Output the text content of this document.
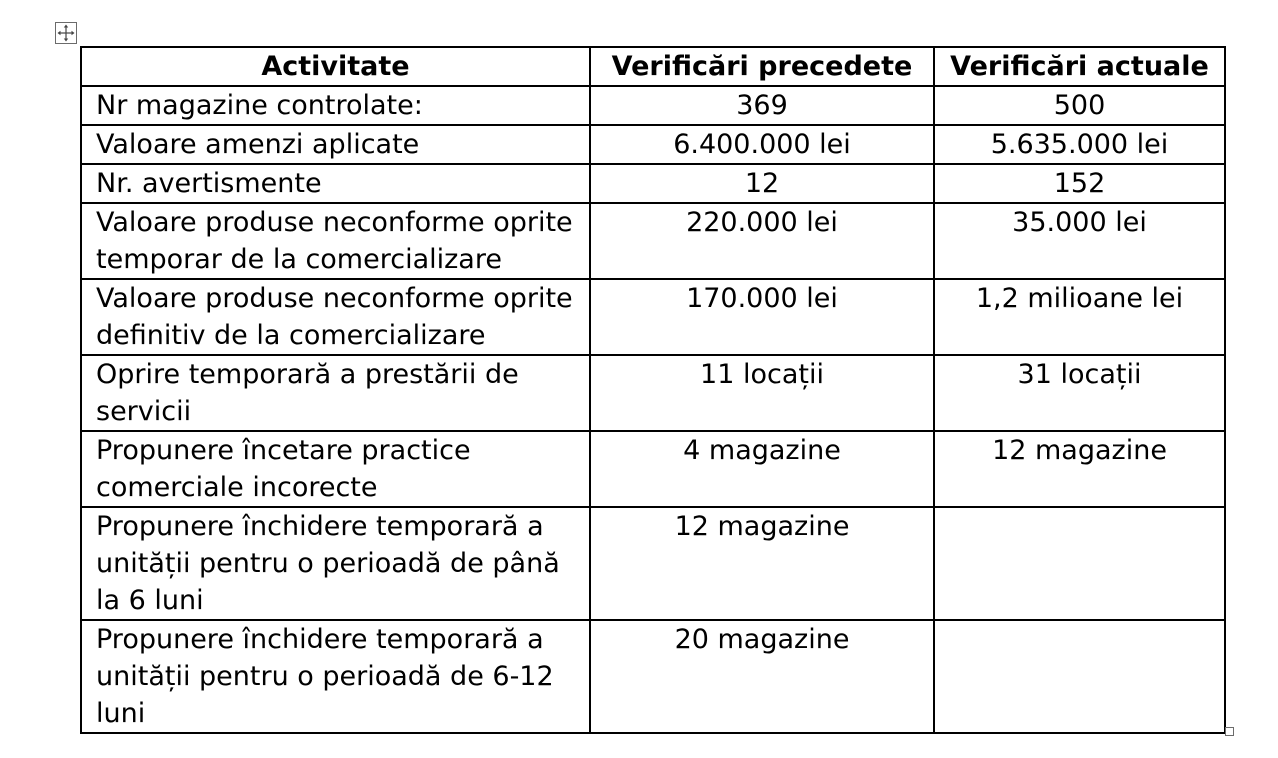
Activitate	Verificări precedete	Verificări actuale
Nr magazine controlate:	369	500
Valoare amenzi aplicate	6.400.000 lei	5.635.000 lei
Nr. avertismente	12	152
Valoare produse neconforme oprite temporar de la comercializare	220.000 lei	35.000 lei
Valoare produse neconforme oprite definitiv de la comercializare	170.000 lei	1,2 milioane lei
Oprire temporară a prestării de servicii	11 locații	31 locații
Propunere încetare practice comerciale incorecte	4 magazine	12 magazine
Propunere închidere temporară a unității pentru o perioadă de până la 6 luni	12 magazine	
Propunere închidere temporară a unității pentru o perioadă de 6-12 luni	20 magazine	
